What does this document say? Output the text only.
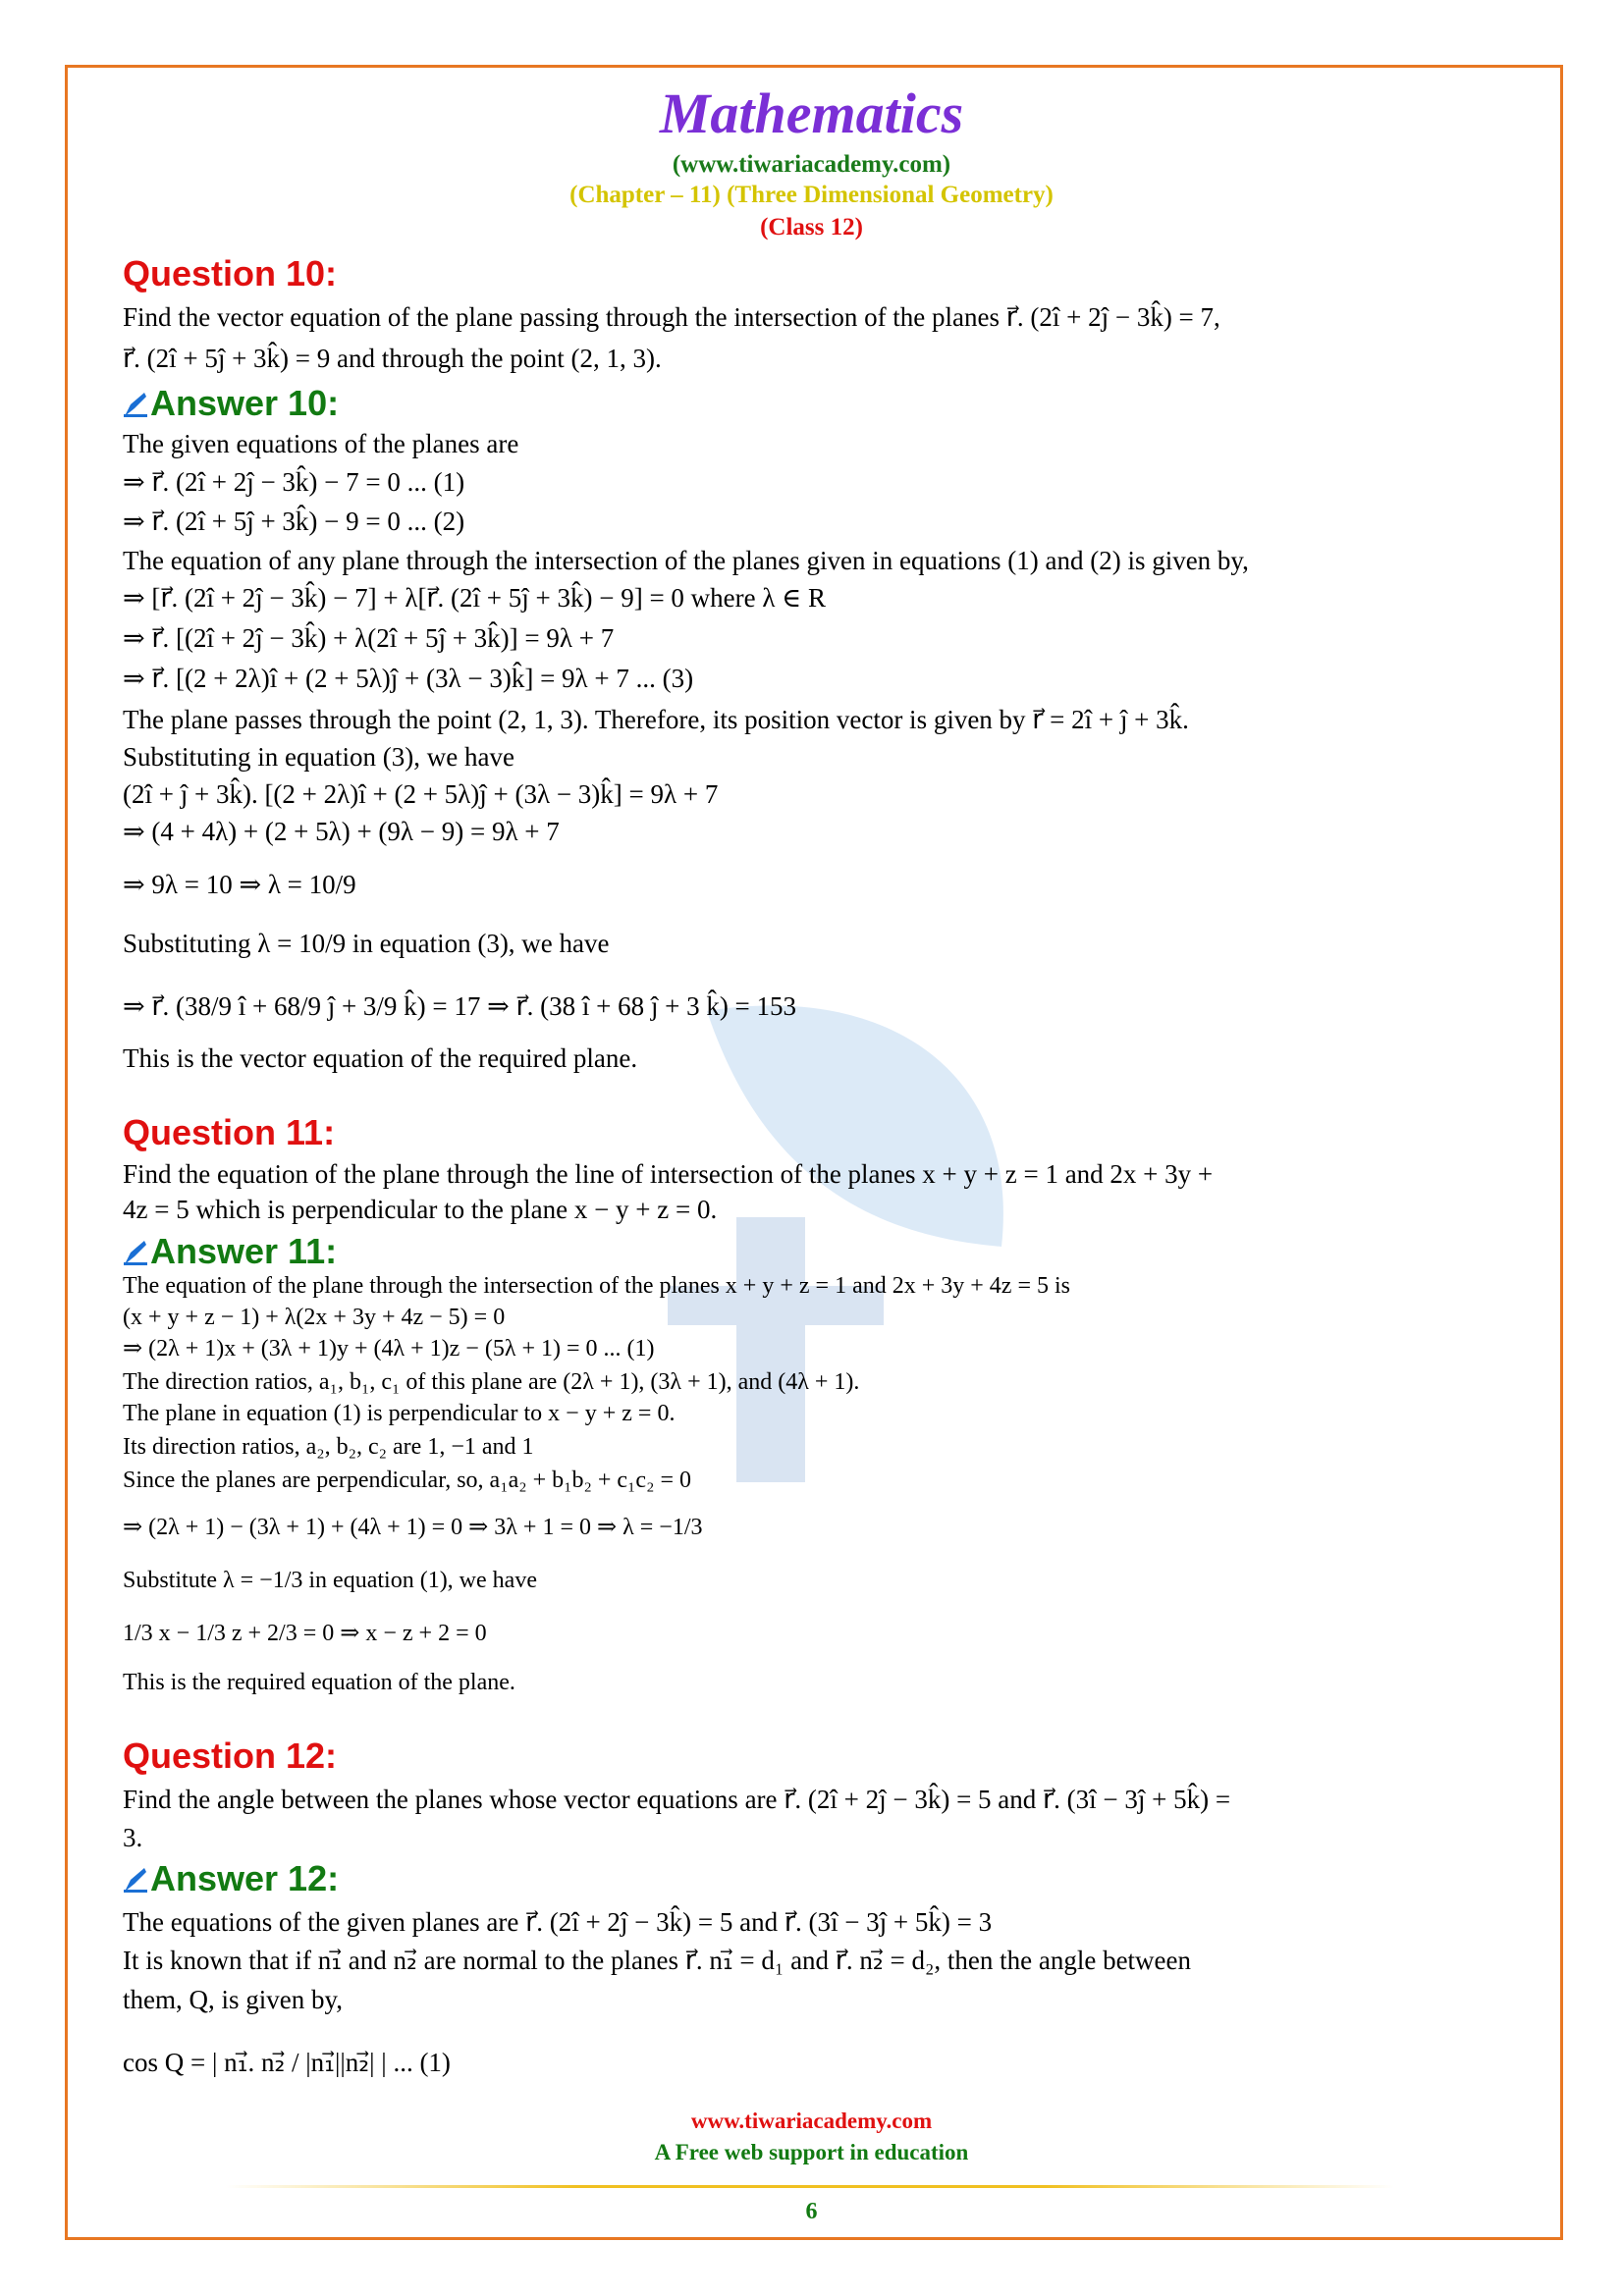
Mathematics
(www.tiwariacademy.com)
(Chapter – 11) (Three Dimensional Geometry)
(Class 12)
Question 10:
Find the vector equation of the plane passing through the intersection of the planes r⃗. (2î + 2ĵ − 3k̂) = 7,
r⃗. (2î + 5ĵ + 3k̂) = 9 and through the point (2, 1, 3).
Answer 10:
The given equations of the planes are
⇒ r⃗. (2î + 2ĵ − 3k̂) − 7 = 0 ... (1)
⇒ r⃗. (2î + 5ĵ + 3k̂) − 9 = 0 ... (2)
The equation of any plane through the intersection of the planes given in equations (1) and (2) is given by,
⇒ [r⃗. (2î + 2ĵ − 3k̂) − 7] + λ[r⃗. (2î + 5ĵ + 3k̂) − 9] = 0 where λ ∈ R
⇒ r⃗. [(2î + 2ĵ − 3k̂) + λ(2î + 5ĵ + 3k̂)] = 9λ + 7
⇒ r⃗. [(2 + 2λ)î + (2 + 5λ)ĵ + (3λ − 3)k̂] = 9λ + 7 ... (3)
The plane passes through the point (2, 1, 3). Therefore, its position vector is given by r⃗ = 2î + ĵ + 3k̂.
Substituting in equation (3), we have
(2î + ĵ + 3k̂). [(2 + 2λ)î + (2 + 5λ)ĵ + (3λ − 3)k̂] = 9λ + 7
⇒ (4 + 4λ) + (2 + 5λ) + (9λ − 9) = 9λ + 7
⇒ 9λ = 10 ⇒ λ = 10/9
Substituting λ = 10/9 in equation (3), we have
⇒ r⃗. (38/9 î + 68/9 ĵ + 3/9 k̂) = 17 ⇒ r⃗. (38 î + 68 ĵ + 3 k̂) = 153
This is the vector equation of the required plane.
Question 11:
Find the equation of the plane through the line of intersection of the planes x + y + z = 1 and 2x + 3y +
4z = 5 which is perpendicular to the plane x − y + z = 0.
Answer 11:
The equation of the plane through the intersection of the planes x + y + z = 1 and 2x + 3y + 4z = 5 is
(x + y + z − 1) + λ(2x + 3y + 4z − 5) = 0
⇒ (2λ + 1)x + (3λ + 1)y + (4λ + 1)z − (5λ + 1) = 0 ... (1)
The direction ratios, a₁, b₁, c₁ of this plane are (2λ + 1), (3λ + 1), and (4λ + 1).
The plane in equation (1) is perpendicular to x − y + z = 0.
Its direction ratios, a₂, b₂, c₂ are 1, −1 and 1
Since the planes are perpendicular, so, a₁a₂ + b₁b₂ + c₁c₂ = 0
⇒ (2λ + 1) − (3λ + 1) + (4λ + 1) = 0 ⇒ 3λ + 1 = 0 ⇒ λ = −1/3
Substitute λ = −1/3 in equation (1), we have
1/3 x − 1/3 z + 2/3 = 0 ⇒ x − z + 2 = 0
This is the required equation of the plane.
Question 12:
Find the angle between the planes whose vector equations are r⃗. (2î + 2ĵ − 3k̂) = 5 and r⃗. (3î − 3ĵ + 5k̂) =
3.
Answer 12:
The equations of the given planes are r⃗. (2î + 2ĵ − 3k̂) = 5 and r⃗. (3î − 3ĵ + 5k̂) = 3
It is known that if n₁⃗ and n₂⃗ are normal to the planes r⃗. n₁⃗ = d₁ and r⃗. n₂⃗ = d₂, then the angle between
them, Q, is given by,
cos Q = | n₁⃗. n₂⃗ / |n₁⃗||n₂⃗| | ... (1)
www.tiwariacademy.com
A Free web support in education
6
